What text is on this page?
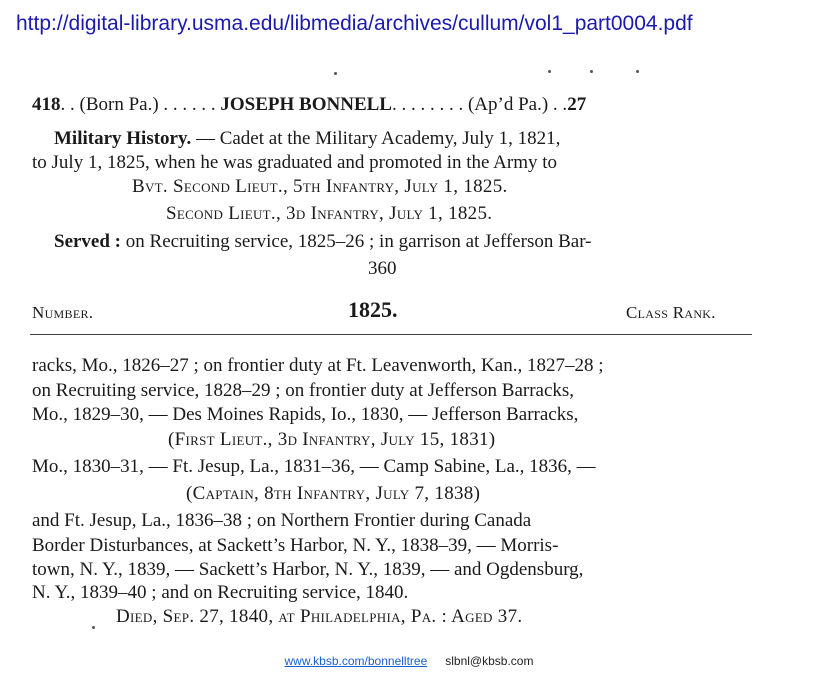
http://digital-library.usma.edu/libmedia/archives/cullum/vol1_part0004.pdf
418. . (Born Pa.) . . . . . . JOSEPH BONNELL. . . . . . . . (Ap’d Pa.) . .27
Military History. — Cadet at the Military Academy, July 1, 1821,
to July 1, 1825, when he was graduated and promoted in the Army to
Bvt. Second Lieut., 5th Infantry, July 1, 1825.
Second Lieut., 3d Infantry, July 1, 1825.
Served : on Recruiting service, 1825–26 ; in garrison at Jefferson Bar-
360
Number.	1825.	Class Rank.
racks, Mo., 1826–27 ; on frontier duty at Ft. Leavenworth, Kan., 1827–28 ;
on Recruiting service, 1828–29 ; on frontier duty at Jefferson Barracks,
Mo., 1829–30, — Des Moines Rapids, Io., 1830, — Jefferson Barracks,
(First Lieut., 3d Infantry, July 15, 1831)
Mo., 1830–31, — Ft. Jesup, La., 1831–36, — Camp Sabine, La., 1836, —
(Captain, 8th Infantry, July 7, 1838)
and Ft. Jesup, La., 1836–38 ; on Northern Frontier during Canada
Border Disturbances, at Sackett’s Harbor, N. Y., 1838–39, — Morris-
town, N. Y., 1839, — Sackett’s Harbor, N. Y., 1839, — and Ogdensburg,
N. Y., 1839–40 ; and on Recruiting service, 1840.
Died, Sep. 27, 1840, at Philadelphia, Pa. : Aged 37.
www.kbsb.com/bonnelltree slbnl@kbsb.com
